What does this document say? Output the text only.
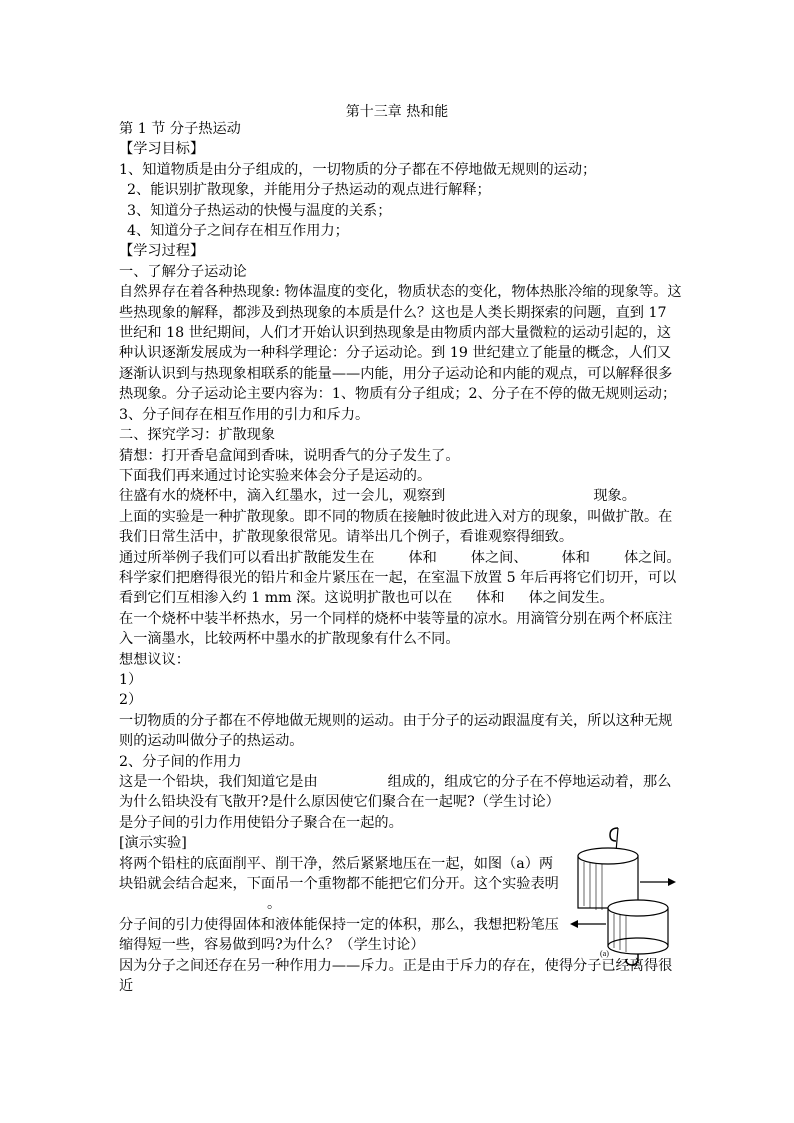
第十三章 热和能

第 1 节 分子热运动

【学习目标】

1、知道物质是由分子组成的，一切物质的分子都在不停地做无规则的运动；

2、能识别扩散现象，并能用分子热运动的观点进行解释；

3、知道分子热运动的快慢与温度的关系；

4、知道分子之间存在相互作用力；

【学习过程】

一、了解分子运动论

自然界存在着各种热现象: 物体温度的变化，物质状态的变化，物体热胀冷缩的现象等。这些热现象的解释，都涉及到热现象的本质是什么？这也是人类长期探索的问题，直到 17 世纪和 18 世纪期间，人们才开始认识到热现象是由物质内部大量微粒的运动引起的，这种认识逐渐发展成为一种科学理论：分子运动论。到 19 世纪建立了能量的概念，人们又逐渐认识到与热现象相联系的能量——内能，用分子运动论和内能的观点，可以解释很多热现象。分子运动论主要内容为：1、物质有分子组成；2、分子在不停的做无规则运动；3、分子间存在相互作用的引力和斥力。

二、探究学习：扩散现象

猜想：打开香皂盒闻到香味，说明香气的分子发生了。

下面我们再来通过讨论实验来体会分子是运动的。

往盛有水的烧杯中，滴入红墨水，过一会儿，观察到	现象。

上面的实验是一种扩散现象。即不同的物质在接触时彼此进入对方的现象，叫做扩散。在我们日常生活中，扩散现象很常见。请举出几个例子，看谁观察得细致。

通过所举例子我们可以看出扩散能发生在 体和 体之间、 体和 体之间。

科学家们把磨得很光的铅片和金片紧压在一起，在室温下放置 5 年后再将它们切开，可以看到它们互相渗入约 1 mm 深。这说明扩散也可以在 体和 体之间发生。

在一个烧杯中装半杯热水，另一个同样的烧杯中装等量的凉水。用滴管分别在两个杯底注入一滴墨水，比较两杯中墨水的扩散现象有什么不同。

想想议议：

1）

2）

一切物质的分子都在不停地做无规则的运动。由于分子的运动跟温度有关，所以这种无规则的运动叫做分子的热运动。

2、分子间的作用力

这是一个铅块，我们知道它是由	组成的，组成它的分子在不停地运动着，那么为什么铅块没有飞散开?是什么原因使它们聚合在一起呢?（学生讨论）

是分子间的引力作用使铅分子聚合在一起的。

[演示实验]

将两个铅柱的底面削平、削干净，然后紧紧地压在一起，如图（a）两块铅就会结合起来，下面吊一个重物都不能把它们分开。这个实验表明。

分子间的引力使得固体和液体能保持一定的体积，那么，我想把粉笔压缩得短一些，容易做到吗?为什么？（学生讨论）

因为分子之间还存在另一种作用力——斥力。正是由于斥力的存在，使得分子已经离得很近

(a)
